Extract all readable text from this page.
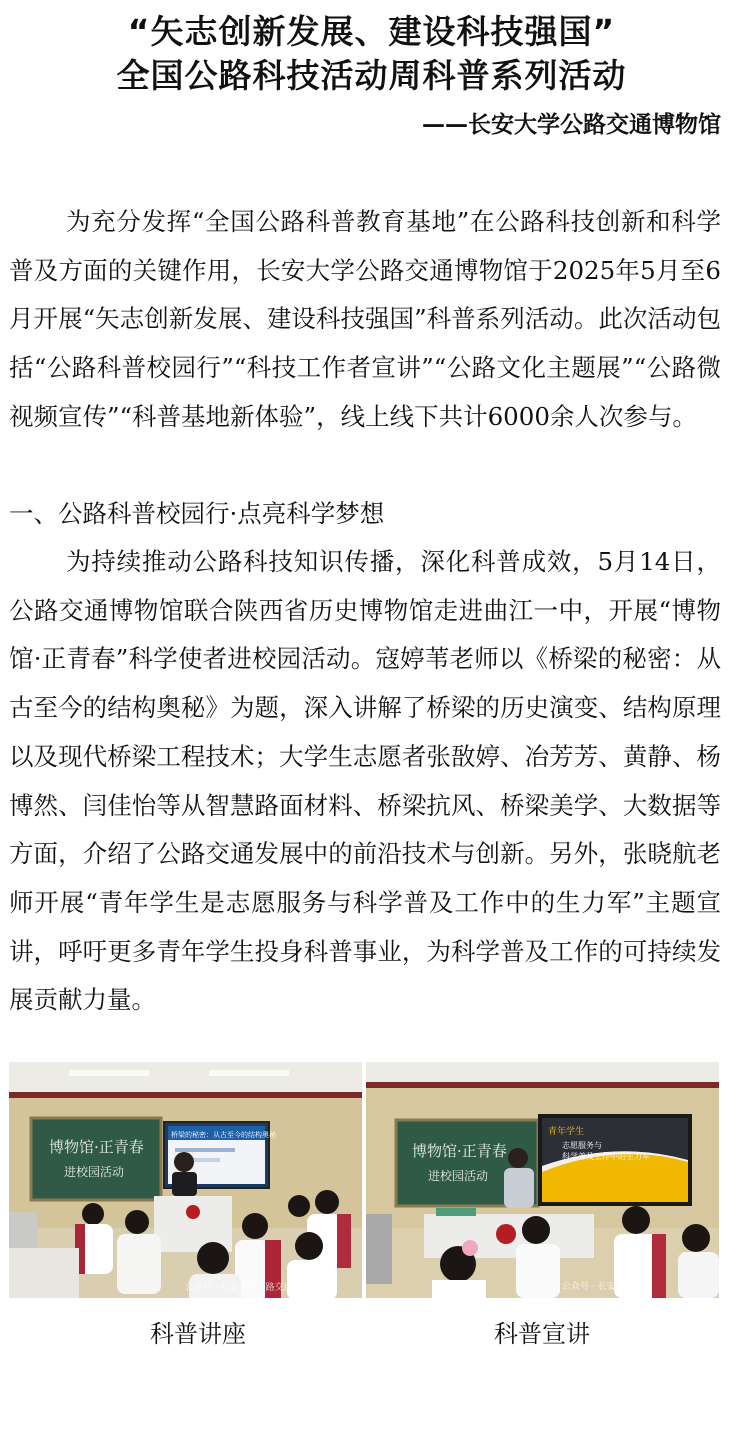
“矢志创新发展、建设科技强国”
全国公路科技活动周科普系列活动
——长安大学公路交通博物馆
为充分发挥“全国公路科普教育基地”在公路科技创新和科学普及方面的关键作用，长安大学公路交通博物馆于2025年5月至6月开展“矢志创新发展、建设科技强国”科普系列活动。此次活动包括“公路科普校园行”“科技工作者宣讲”“公路文化主题展”“公路微视频宣传”“科普基地新体验”，线上线下共计6000余人次参与。
一、公路科普校园行·点亮科学梦想
为持续推动公路科技知识传播，深化科普成效，5月14日，公路交通博物馆联合陕西省历史博物馆走进曲江一中，开展“博物馆·正青春”科学使者进校园活动。寇婷苇老师以《桥梁的秘密：从古至今的结构奥秘》为题，深入讲解了桥梁的历史演变、结构原理以及现代桥梁工程技术；大学生志愿者张敔婷、冶芳芳、黄静、杨博然、闫佳怡等从智慧路面材料、桥梁抗风、桥梁美学、大数据等方面，介绍了公路交通发展中的前沿技术与创新。另外，张晓航老师开展“青年学生是志愿服务与科学普及工作中的生力军”主题宣讲，呼吁更多青年学生投身科普事业，为科学普及工作的可持续发展贡献力量。
博物馆·正青春
进校园活动
桥梁的秘密：从古至今的结构奥秘
公众号 · 长安大学公路交通博物馆
博物馆·正青春
进校园活动
青年学生
志愿服务与
科学普及工作中的生力军
公众号 · 长安大学公
科普讲座	科普宣讲
